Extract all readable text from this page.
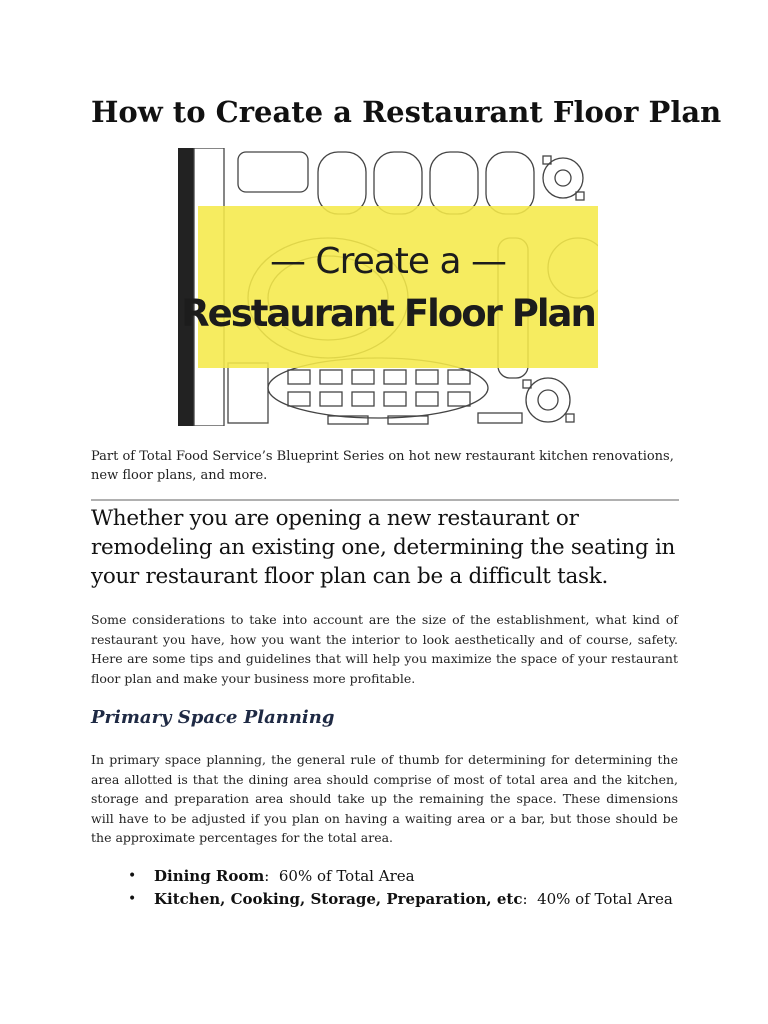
How to Create a Restaurant Floor Plan
— Create a —
Restaurant Floor Plan

Part of Total Food Service’s Blueprint Series on hot new restaurant kitchen renovations, new floor plans, and more.

Whether you are opening a new restaurant or remodeling an existing one, determining the seating in your restaurant floor plan can be a difficult task.

Some considerations to take into account are the size of the establishment, what kind of restaurant you have, how you want the interior to look aesthetically and of course, safety. Here are some tips and guidelines that will help you maximize the space of your restaurant floor plan and make your business more profitable.

Primary Space Planning

In primary space planning, the general rule of thumb for determining for determining the area allotted is that the dining area should comprise of most of total area and the kitchen, storage and preparation area should take up the remaining the space. These dimensions will have to be adjusted if you plan on having a waiting area or a bar, but those should be the approximate percentages for the total area.

• Dining Room:  60% of Total Area
• Kitchen, Cooking, Storage, Preparation, etc:  40% of Total Area
